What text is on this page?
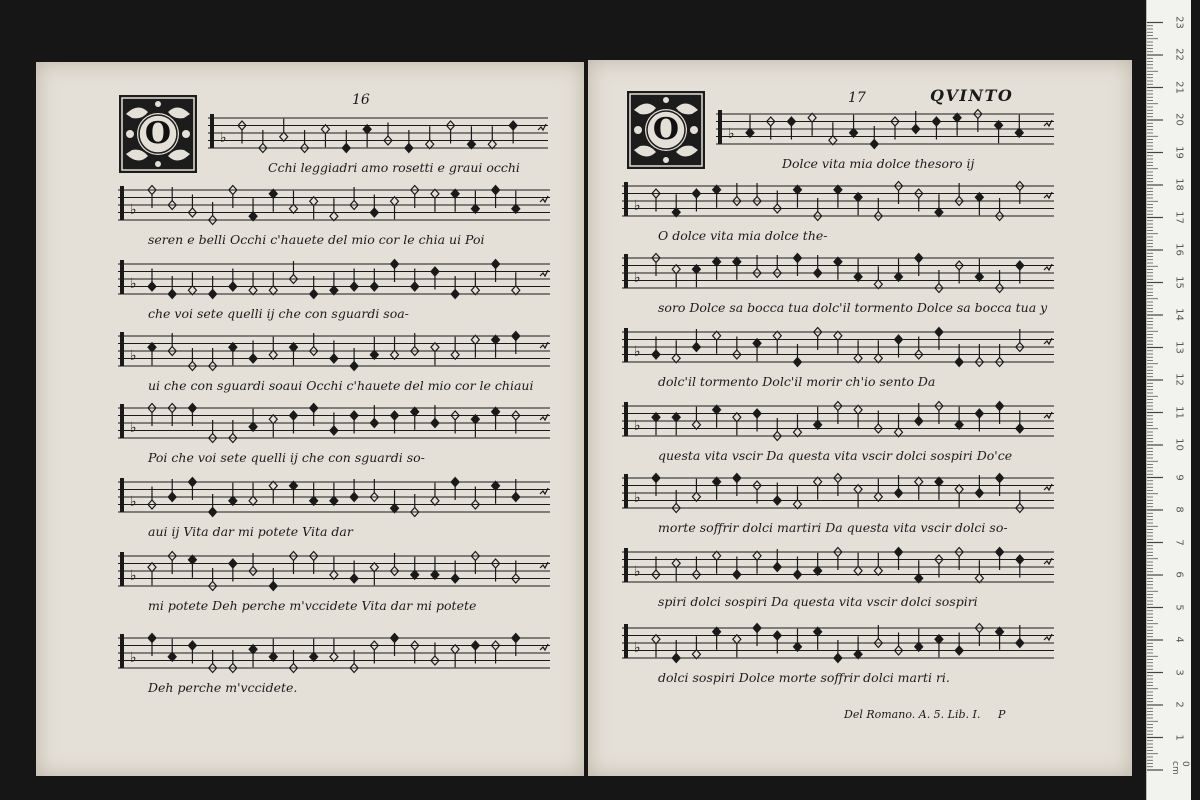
O
16
♭
Cchi leggiadri amo rosetti e graui occhi
♭
seren e belli Occhi c'hauete del mio cor le chia ui Poi
♭
che voi sete quelli ij che con sguardi soa-
♭
ui che con sguardi soaui Occhi c'hauete del mio cor le chiaui
♭
Poi che voi sete quelli ij che con sguardi so-
♭
aui ij Vita dar mi potete Vita dar
♭
mi potete Deh perche m'vccidete Vita dar mi potete
♭
Deh perche m'vccidete.
O
17	QVINTO
♭
Dolce vita mia dolce thesoro ij
♭
O dolce vita mia dolce the-
♭
soro Dolce sa bocca tua dolc'il tormento Dolce sa bocca tua y
♭
dolc'il tormento Dolc'il morir ch'io sento Da
♭
questa vita vscir Da questa vita vscir dolci sospiri Do'ce
♭
morte soffrir dolci martiri Da questa vita vscir dolci so-
♭
spiri dolci sospiri Da questa vita vscir dolci sospiri
♭
dolci sospiri Dolce morte soffrir dolci marti ri.
Del Romano. A. 5. Lib. I. P
0 cm
1
2
3
4
5
6
7
8
9
10
11
12
13
14
15
16
17
18
19
20
21
22
23
